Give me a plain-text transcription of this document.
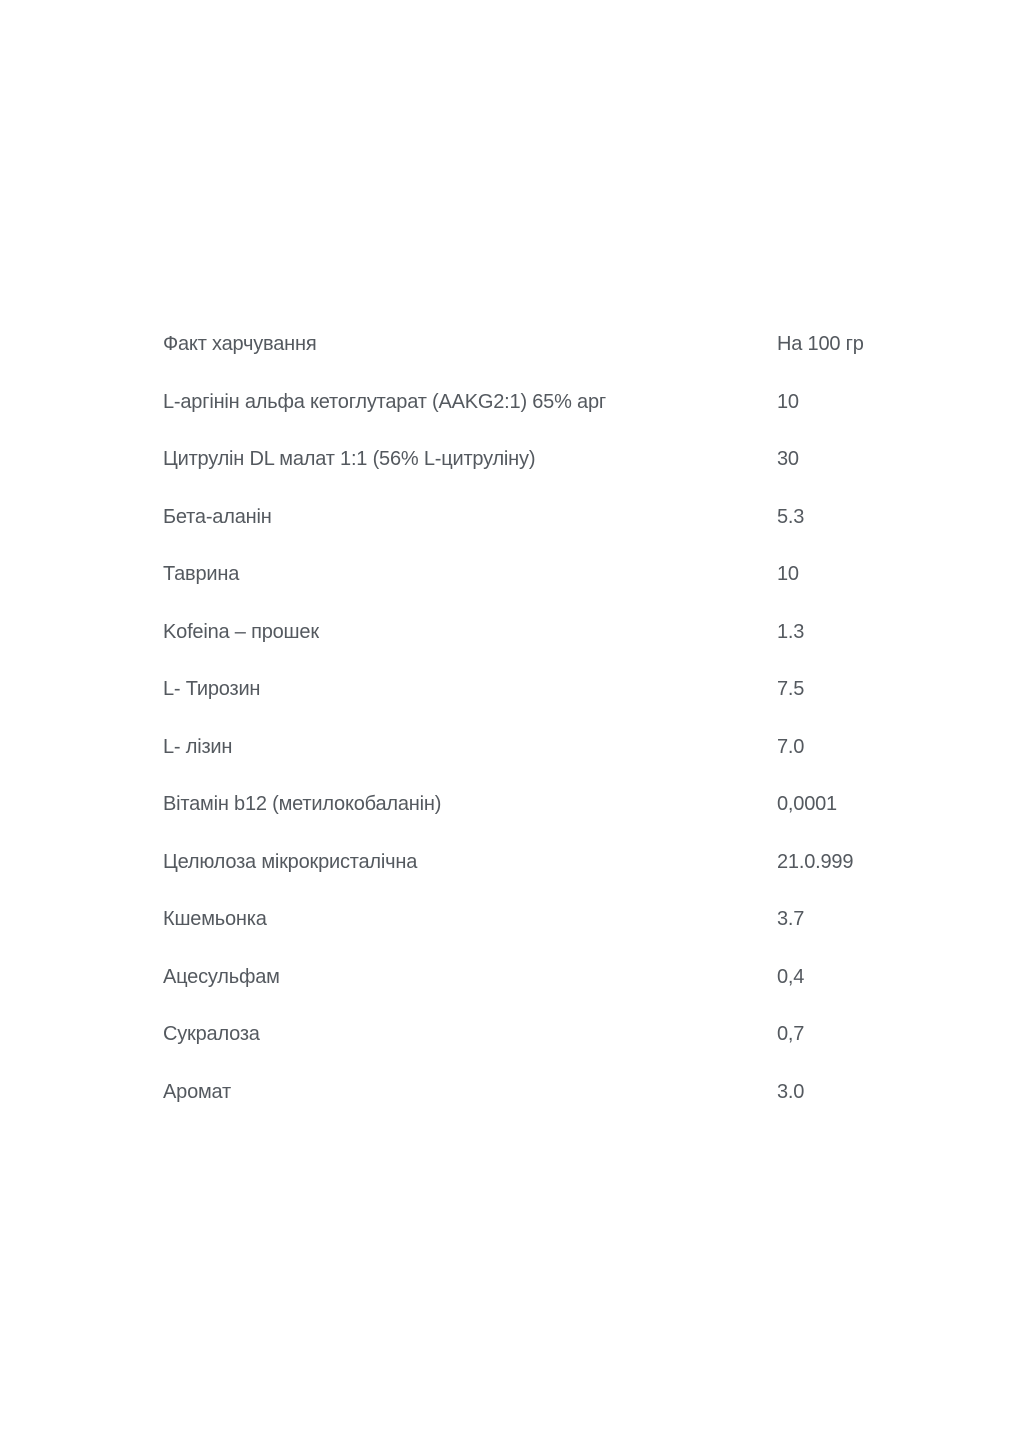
Факт харчування	На 100 гр
L-аргінін альфа кетоглутарат (AAKG2:1) 65% арг	10
Цитрулін DL малат 1:1 (56% L-цитруліну)	30
Бета-аланін	5.3
Таврина	10
Kofeina – прошек	1.3
L- Тирозин	7.5
L- лізин	7.0
Вітамін b12 (метилокобаланін)	0,0001
Целюлоза мікрокристалічна	21.0.999
Кшемьонка	3.7
Ацесульфам	0,4
Сукралоза	0,7
Аромат	3.0
